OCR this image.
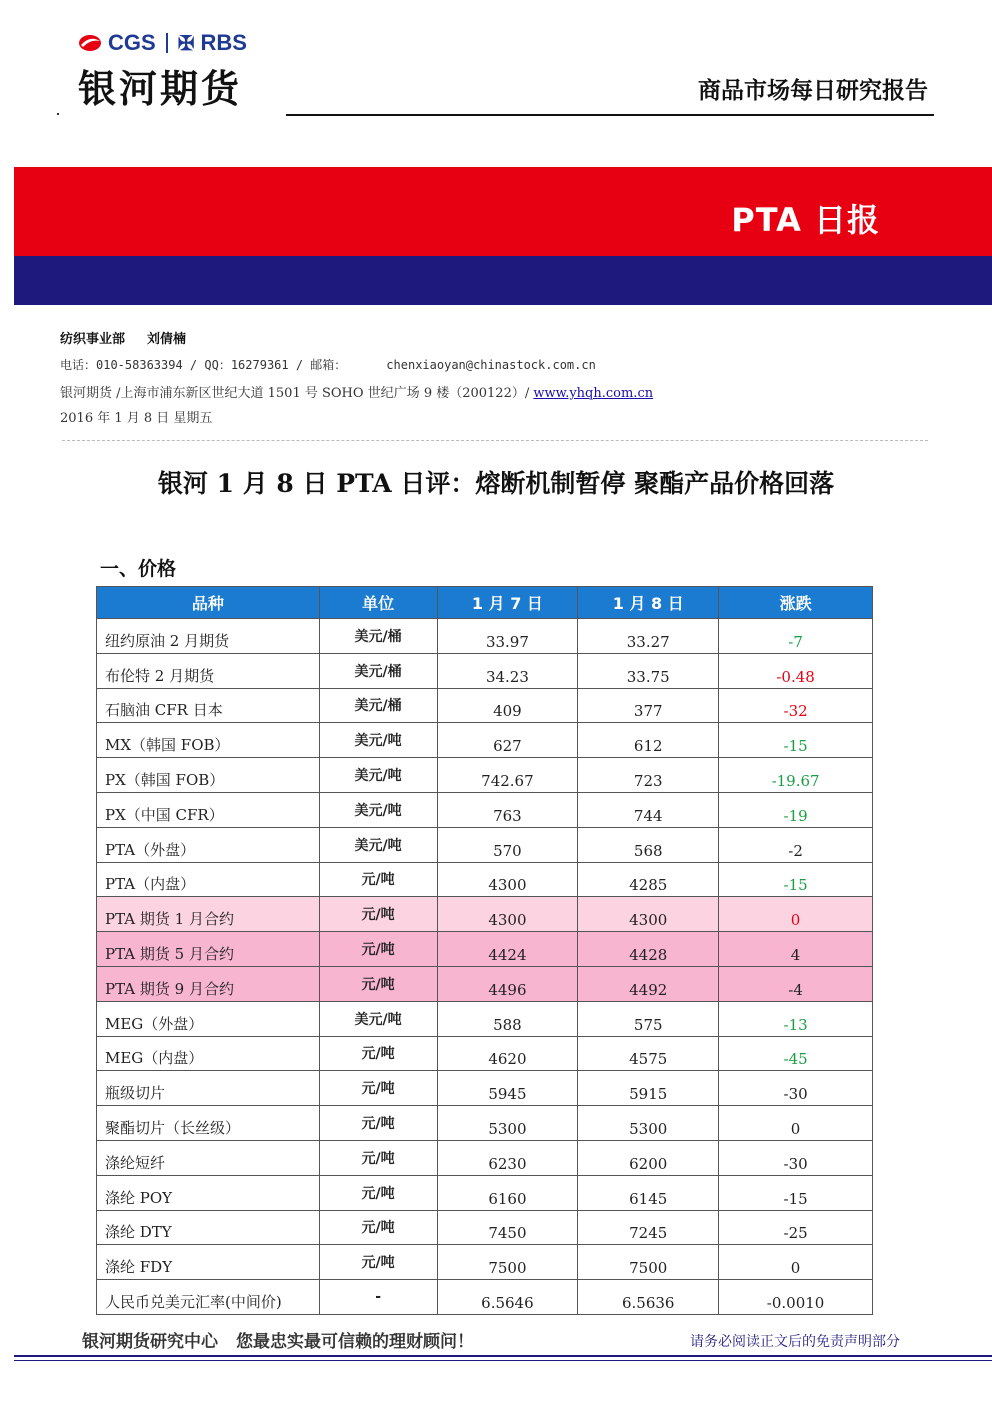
CGS ✠ RBS
银河期货	商品市场每日研究报告
PTA 日报
纺织事业部 刘倩楠
电话：010-58363394 / QQ：16279361 / 邮箱：	chenxiaoyan@chinastock.com.cn
银河期货 /上海市浦东新区世纪大道 1501 号 SOHO 世纪广场 9 楼（200122）/ www.yhqh.com.cn
2016 年 1 月 8 日 星期五
银河 1 月 8 日 PTA 日评：熔断机制暂停 聚酯产品价格回落
一、价格
品种	单位	1 月 7 日	1 月 8 日	涨跌
纽约原油 2 月期货	美元/桶	33.97	33.27	-7
布伦特 2 月期货	美元/桶	34.23	33.75	-0.48
石脑油 CFR 日本	美元/桶	409	377	-32
MX（韩国 FOB）	美元/吨	627	612	-15
PX（韩国 FOB）	美元/吨	742.67	723	-19.67
PX（中国 CFR）	美元/吨	763	744	-19
PTA（外盘）	美元/吨	570	568	-2
PTA（内盘）	元/吨	4300	4285	-15
PTA 期货 1 月合约	元/吨	4300	4300	0
PTA 期货 5 月合约	元/吨	4424	4428	4
PTA 期货 9 月合约	元/吨	4496	4492	-4
MEG（外盘）	美元/吨	588	575	-13
MEG（内盘）	元/吨	4620	4575	-45
瓶级切片	元/吨	5945	5915	-30
聚酯切片（长丝级）	元/吨	5300	5300	0
涤纶短纤	元/吨	6230	6200	-30
涤纶 POY	元/吨	6160	6145	-15
涤纶 DTY	元/吨	7450	7245	-25
涤纶 FDY	元/吨	7500	7500	0
人民币兑美元汇率(中间价)	-	6.5646	6.5636	-0.0010
银河期货研究中心 您最忠实最可信赖的理财顾问！	请务必阅读正文后的免责声明部分
